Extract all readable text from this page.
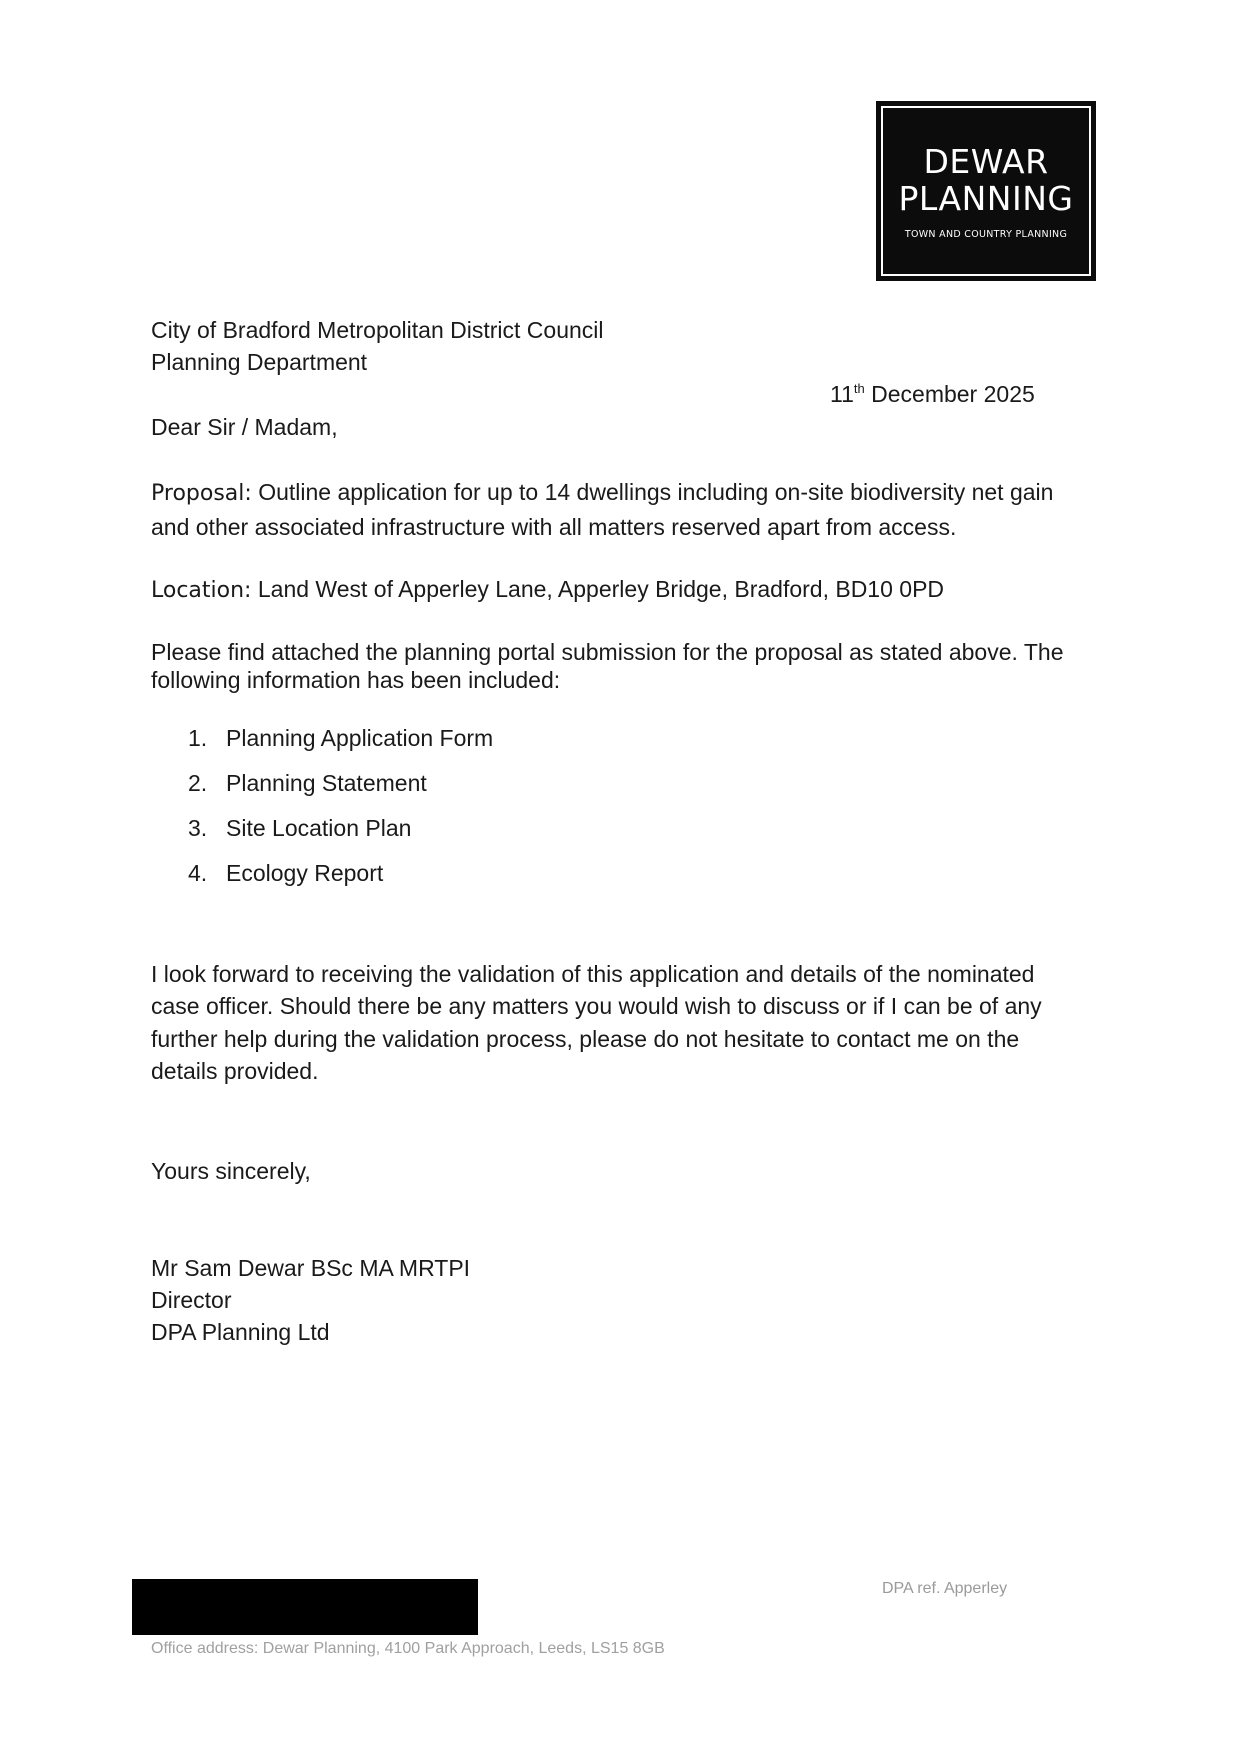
DEWAR
PLANNING
TOWN AND COUNTRY PLANNING
City of Bradford Metropolitan District Council
Planning Department
11th December 2025
Dear Sir / Madam,
Proposal: Outline application for up to 14 dwellings including on-site biodiversity net gain and other associated infrastructure with all matters reserved apart from access.
Location: Land West of Apperley Lane, Apperley Bridge, Bradford, BD10 0PD
Please find attached the planning portal submission for the proposal as stated above. The following information has been included:
1. Planning Application Form
2. Planning Statement
3. Site Location Plan
4. Ecology Report
I look forward to receiving the validation of this application and details of the nominated case officer. Should there be any matters you would wish to discuss or if I can be of any further help during the validation process, please do not hesitate to contact me on the details provided.
Yours sincerely,
Mr Sam Dewar BSc MA MRTPI
Director
DPA Planning Ltd
DPA ref. Apperley
Office address: Dewar Planning, 4100 Park Approach, Leeds, LS15 8GB
